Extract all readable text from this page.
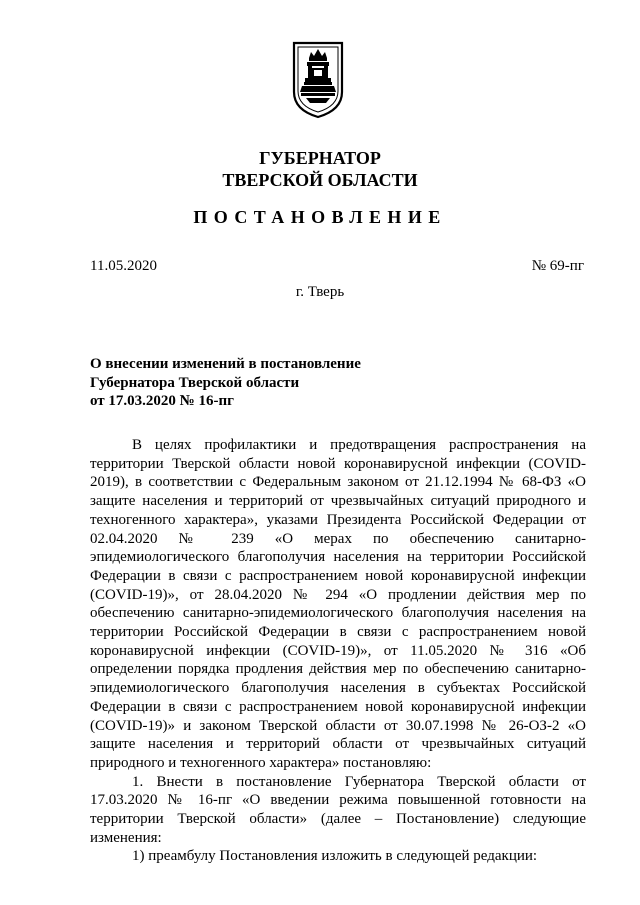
ГУБЕРНАТОР
ТВЕРСКОЙ ОБЛАСТИ
ПОСТАНОВЛЕНИЕ
11.05.2020	№ 69-пг
г. Тверь
О внесении изменений в постановление
Губернатора Тверской области
от 17.03.2020 № 16-пг

В целях профилактики и предотвращения распространения на территории Тверской области новой коронавирусной инфекции (COVID-2019), в соответствии с Федеральным законом от 21.12.1994 № 68-ФЗ «О защите населения и территорий от чрезвычайных ситуаций природного и техногенного характера», указами Президента Российской Федерации от 02.04.2020 № 239 «О мерах по обеспечению санитарно-эпидемиологического благополучия населения на территории Российской Федерации в связи с распространением новой коронавирусной инфекции (COVID-19)», от 28.04.2020 № 294 «О продлении действия мер по обеспечению санитарно-эпидемиологического благополучия населения на территории Российской Федерации в связи с распространением новой коронавирусной инфекции (COVID-19)», от 11.05.2020 № 316 «Об определении порядка продления действия мер по обеспечению санитарно-эпидемиологического благополучия населения в субъектах Российской Федерации в связи с распространением новой коронавирусной инфекции (COVID-19)» и законом Тверской области от 30.07.1998 № 26-ОЗ-2 «О защите населения и территорий области от чрезвычайных ситуаций природного и техногенного характера» постановляю:

1. Внести в постановление Губернатора Тверской области от 17.03.2020 № 16-пг «О введении режима повышенной готовности на территории Тверской области» (далее – Постановление) следующие изменения:

1) преамбулу Постановления изложить в следующей редакции:
